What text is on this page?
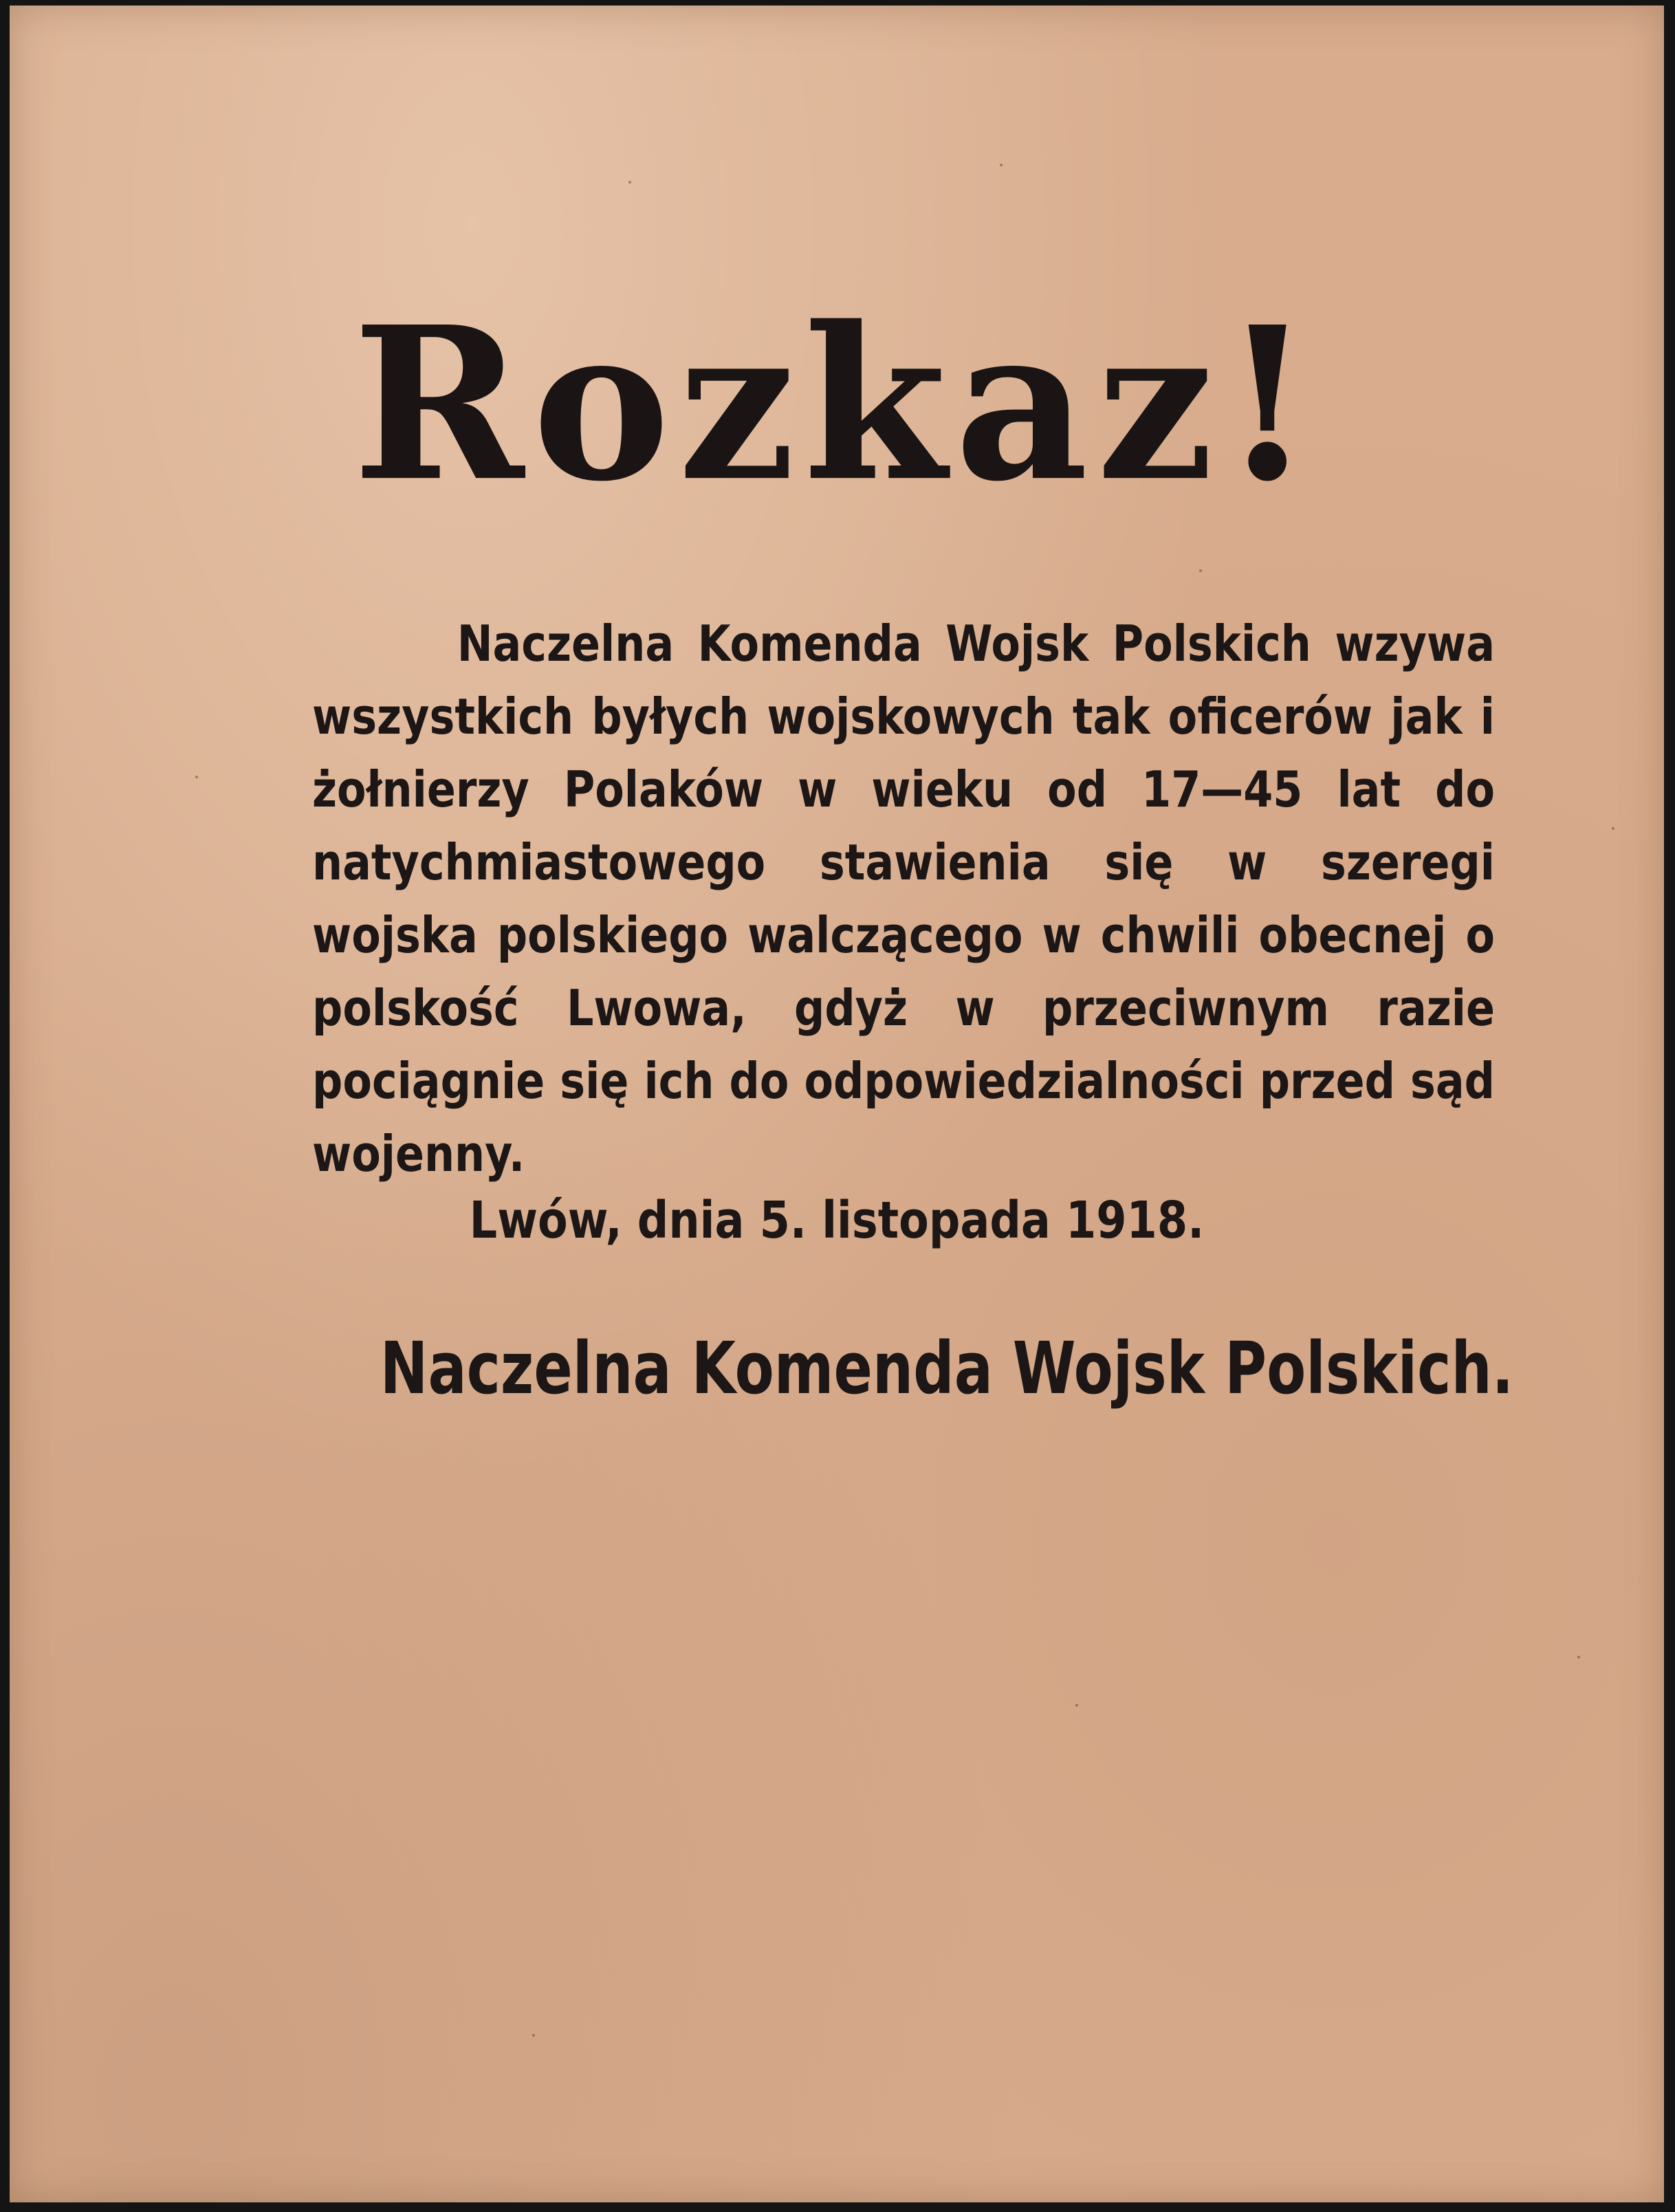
Rozkaz!
Naczelna Komenda Wojsk Polskich wzywa wszystkich byłych wojskowych tak oficerów jak i żołnierzy Polaków w wieku od 17—45 lat do natychmiastowego stawienia się w szeregi wojska polskiego walczącego w chwili obecnej o polskość Lwowa, gdyż w przeciwnym razie pociągnie się ich do odpowiedzialności przed sąd wojenny.
Lwów, dnia 5. listopada 1918.
Naczelna Komenda Wojsk Polskich.
